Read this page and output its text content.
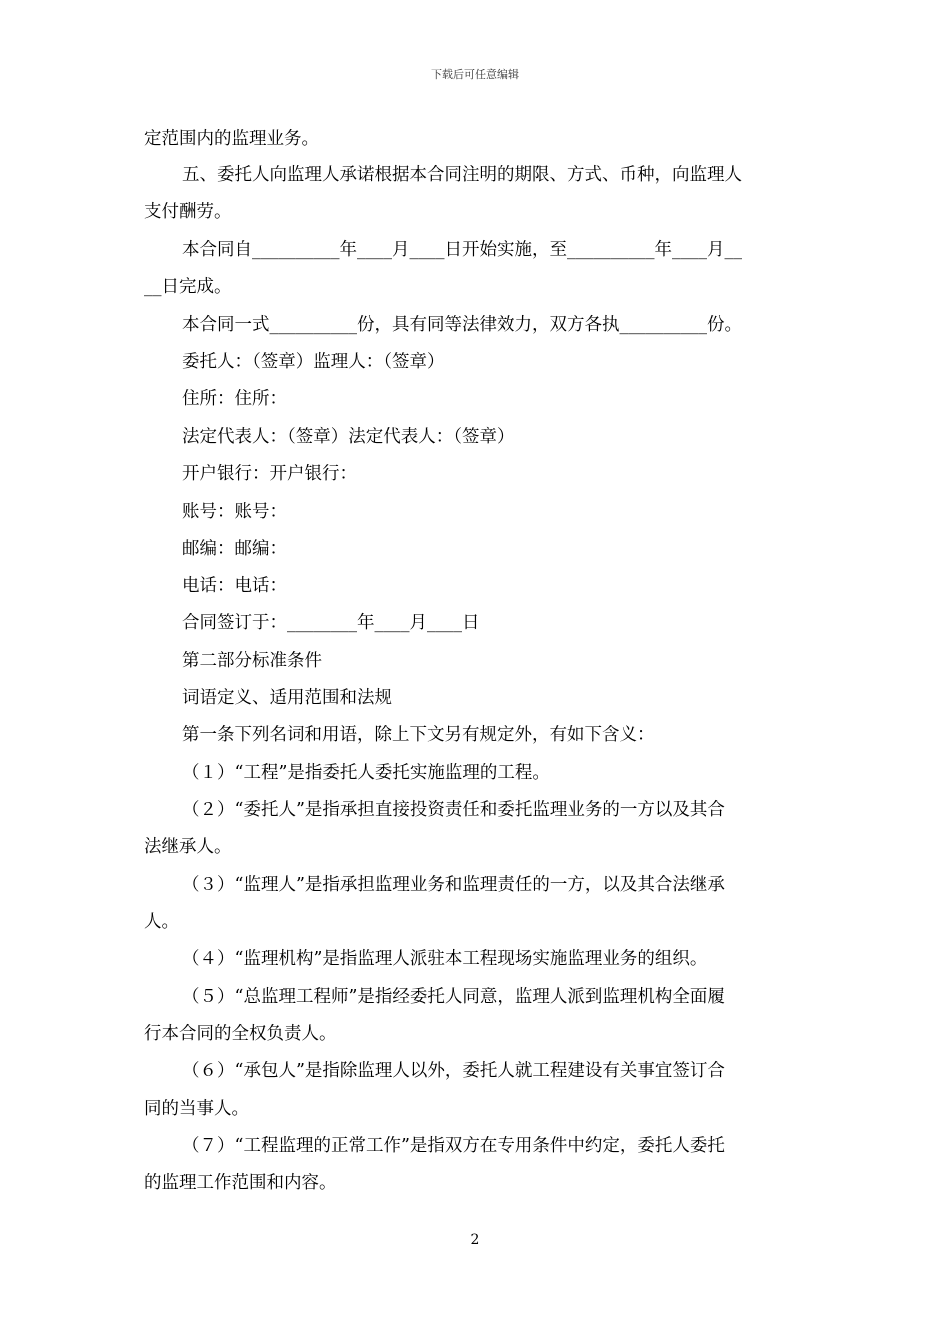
下载后可任意编辑
定范围内的监理业务。
五、委托人向监理人承诺根据本合同注明的期限、方式、币种，向监理人
支付酬劳。
本合同自__________年____月____日开始实施，至__________年____月__
__日完成。
本合同一式__________份，具有同等法律效力，双方各执__________份。
委托人：（签章）监理人：（签章）
住所：住所：
法定代表人：（签章）法定代表人：（签章）
开户银行：开户银行：
账号：账号：
邮编：邮编：
电话：电话：
合同签订于：________年____月____日
第二部分标准条件
词语定义、适用范围和法规
第一条下列名词和用语，除上下文另有规定外，有如下含义：
（１）“工程”是指委托人委托实施监理的工程。
（２）“委托人”是指承担直接投资责任和委托监理业务的一方以及其合
法继承人。
（３）“监理人”是指承担监理业务和监理责任的一方，以及其合法继承
人。
（４）“监理机构”是指监理人派驻本工程现场实施监理业务的组织。
（５）“总监理工程师”是指经委托人同意，监理人派到监理机构全面履
行本合同的全权负责人。
（６）“承包人”是指除监理人以外，委托人就工程建设有关事宜签订合
同的当事人。
（７）“工程监理的正常工作”是指双方在专用条件中约定，委托人委托
的监理工作范围和内容。
2
